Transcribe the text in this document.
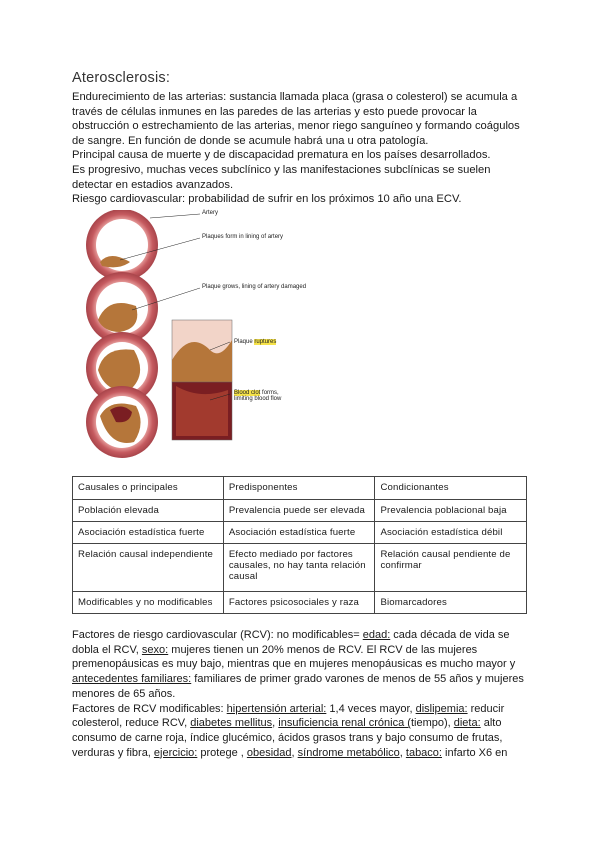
Aterosclerosis:

Endurecimiento de las arterias: sustancia llamada placa (grasa o colesterol) se acumula a través de células inmunes en las paredes de las arterias y esto puede provocar la obstrucción o estrechamiento de las arterias, menor riego sanguíneo y formando coágulos de sangre. En función de donde se acumule habrá una u otra patología.

Principal causa de muerte y de discapacidad prematura en los países desarrollados.

Es progresivo, muchas veces subclínico y las manifestaciones subclínicas se suelen detectar en estadios avanzados.

Riesgo cardiovascular: probabilidad de sufrir en los próximos 10 año una ECV.

Artery
Plaques form in lining of artery
Plaque grows, lining of artery damaged
Plaque ruptures
Blood clot forms,
limiting blood flow
Causales o principales	Predisponentes	Condicionantes
Población elevada	Prevalencia puede ser elevada	Prevalencia poblacional baja
Asociación estadística fuerte	Asociación estadística fuerte	Asociación estadística débil
Relación causal independiente	Efecto mediado por factores causales, no hay tanta relación causal	Relación causal pendiente de confirmar
Modificables y no modificables	Factores psicosociales y raza	Biomarcadores

Factores de riesgo cardiovascular (RCV): no modificables= edad: cada década de vida se dobla el RCV, sexo: mujeres tienen un 20% menos de RCV. El RCV de las mujeres premenopáusicas es muy bajo, mientras que en mujeres menopáusicas es mucho mayor y antecedentes familiares: familiares de primer grado varones de menos de 55 años y mujeres menores de 65 años.

Factores de RCV modificables: hipertensión arterial: 1,4 veces mayor, dislipemia: reducir colesterol, reduce RCV, diabetes mellitus, insuficiencia renal crónica (tiempo), dieta: alto consumo de carne roja, índice glucémico, ácidos grasos trans y bajo consumo de frutas, verduras y fibra, ejercicio: protege , obesidad, síndrome metabólico, tabaco: infarto X6 en
